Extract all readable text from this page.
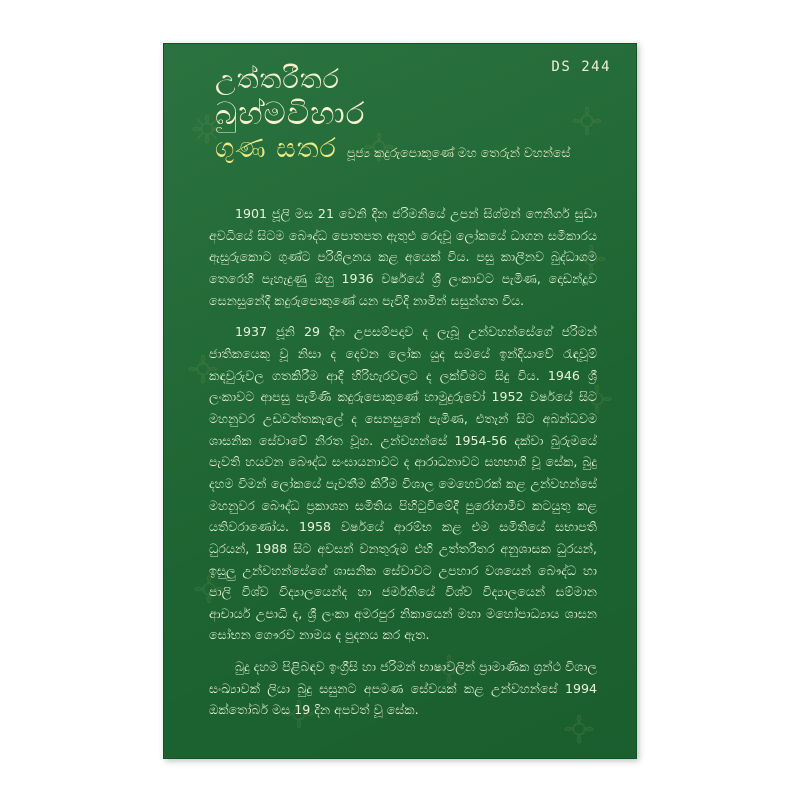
DS 244
උත්තරීතර
බුහ්මවිහාර
ගුණ සතර පූජ්‍ය කදුරුපොකුණේ මහ තෙරුන් වහන්සේ

1901 ජූලි මස 21 වෙනි දින ජරිමනියේ උපන් සිග්මන් ෆෙනිගර් සුඩා අවධියේ සිටම බෞද්ධ පොතපත ඇතුළු රෙදවූ ලෝකයේ ධාගන සමීකාරය ඇසුරුකොට ගුණ්ට පරිශිලනය කළ අයෙක් විය. පසු කාලීනව බුද්ධාගම තෙරෙහි පැහැදුණු ඔහු 1936 වර්ෂයේ ශ්‍රී ලංකාවට පැමිණ, දොඩන්දූව සෙනසුනේදී කදුරුපොකුණේ යන පැවිදි නාමින් සසුන්ගත විය.

1937 ජූනි 29 දින උපසම්පදාව ද ලැබූ උන්වහන්සේගේ ජරිමන් ජාතිකයෙකු වූ නිසා ද දෙවන ලෝක යුද සමයේ ඉන්දියාවේ රැඳවූම් කඳවුරුවල ගතකිරීම ආදී හිරිහැරවලට ද ලක්වීමට සිදු විය. 1946 ශ්‍රී ලංකාවට ආපසු පැමිණි කදුරුපොකුණේ හාමුදුරුවෝ 1952 වර්ෂයේ සිට මහනුවර උඩවත්තකැලේ ද සෙනසුනේ පැමිණ, එතැන් සිට අබන්ධවම ශාසනික සේවාවේ නිරත වූහ. උන්වහන්සේ 1954-56 දක්වා බුරුමයේ පැවති හයවන බෞද්ධ සංඝායනාවට ද ආරාධනාවට සහභාගි වූ සේක, බුදු දහම විමන් ලෝකයේ පැවතීම කිරීම විශාල මෙහෙවරක් කළ උන්වහන්සේ මහනුවර බෞද්ධ ප්‍රකාශන සමිතිය පිහිටුවිමේදී පුරෝගාමීව කටයුතු කළ යතිවරාණෝය. 1958 වර්ෂයේ ආරම්භ කළ එම සමිතියේ සභාපති ධුරයන්, 1988 සිට අවසන් වනතුරුම එහි උත්තරීතර අනුශාසක ධුරයන්, ඉසුලු උන්වහන්සේගේ ශාසනික සේවාවට උපහාර වශයෙන් බෞද්ධ හා පාලි විශ්ව විද්‍යාලයෙන්ද හා ජර්මනියේ විශ්ව විද්‍යාලයෙන් සම්මාන ආචාර්ය උපාධි ද, ශ්‍රී ලංකා අමරපුර නිකායෙන් මහා මහෝපාධ්‍යාය ශාසන සෝභන ගෞරව නාමය ද පුදනය කර ඇත.

බුදු දහම පිළිබඳව ඉංග්‍රීසි හා ජරිමන් භාෂාවලින් ප්‍රාමාණික ග්‍රන්ථ විශාල සංඛ්‍යාවක් ලියා බුදු සසුනට අපමණ සේවයක් කළ උන්වහන්සේ 1994 ඔක්තෝබර් මස 19 දින අපවත් වූ සේක.
